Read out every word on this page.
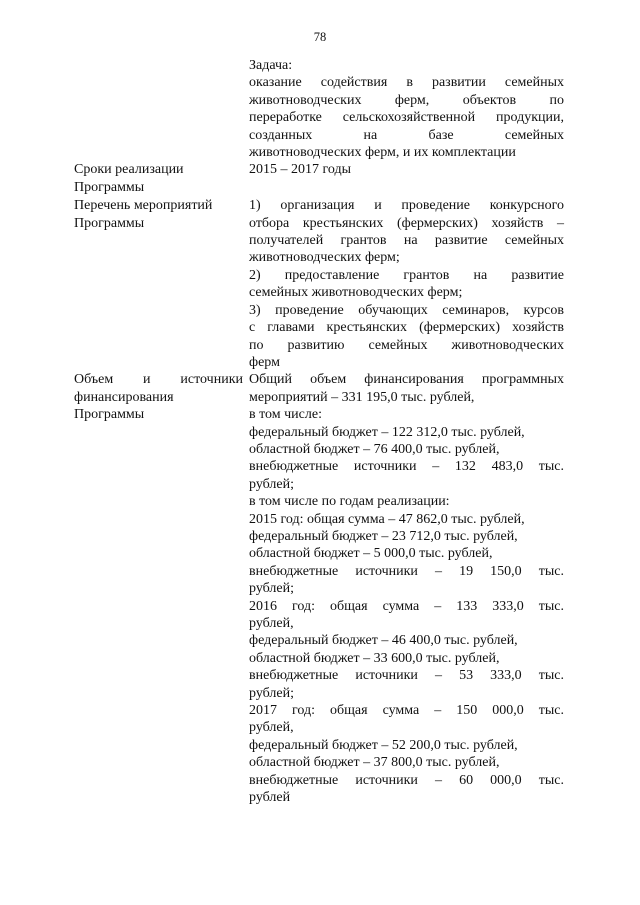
78
Задача:
оказание содействия в развитии семейных
животноводческих ферм, объектов по
переработке сельскохозяйственной продукции,
созданных на базе семейных
животноводческих ферм, и их комплектации
Сроки реализации
Программы
2015 – 2017 годы
Перечень мероприятий
Программы
1) организация и проведение конкурсного
отбора крестьянских (фермерских) хозяйств –
получателей грантов на развитие семейных
животноводческих ферм;
2) предоставление грантов на развитие
семейных животноводческих ферм;
3) проведение обучающих семинаров, курсов
с главами крестьянских (фермерских) хозяйств
по развитию семейных животноводческих
ферм
Объем и источники
финансирования
Программы
Общий объем финансирования программных
мероприятий – 331 195,0 тыс. рублей,
в том числе:
федеральный бюджет – 122 312,0 тыс. рублей,
областной бюджет – 76 400,0 тыс. рублей,
внебюджетные источники – 132 483,0 тыс.
рублей;
в том числе по годам реализации:
2015 год: общая сумма – 47 862,0 тыс. рублей,
федеральный бюджет – 23 712,0 тыс. рублей,
областной бюджет – 5 000,0 тыс. рублей,
внебюджетные источники – 19 150,0 тыс.
рублей;
2016 год: общая сумма – 133 333,0 тыс.
рублей,
федеральный бюджет – 46 400,0 тыс. рублей,
областной бюджет – 33 600,0 тыс. рублей,
внебюджетные источники – 53 333,0 тыс.
рублей;
2017 год: общая сумма – 150 000,0 тыс.
рублей,
федеральный бюджет – 52 200,0 тыс. рублей,
областной бюджет – 37 800,0 тыс. рублей,
внебюджетные источники – 60 000,0 тыс.
рублей
